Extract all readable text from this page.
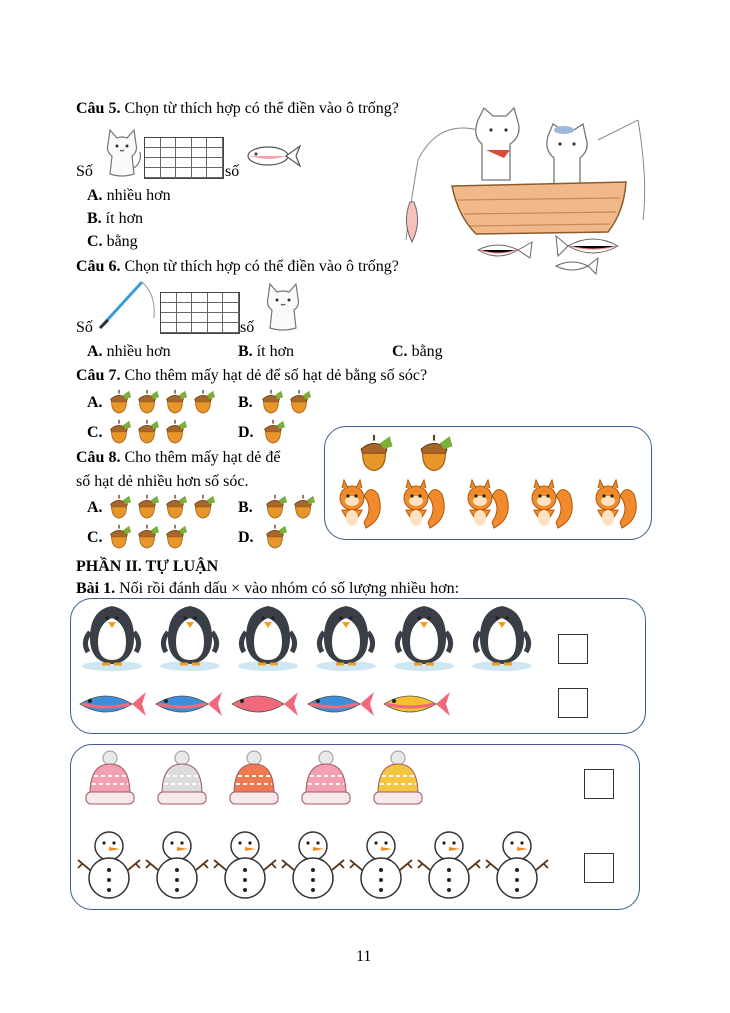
Câu 5. Chọn từ thích hợp có thể điền vào ô trống?
Số	số
A. nhiều hơn
B. ít hơn
C. bằng
Câu 6. Chọn từ thích hợp có thể điền vào ô trống?
Số	số
A. nhiều hơn	B. ít hơn	C. bằng
Câu 7. Cho thêm mấy hạt dẻ để số hạt dẻ bằng số sóc?
A.	B.
C.	D.
Câu 8. Cho thêm mấy hạt dẻ để
số hạt dẻ nhiều hơn số sóc.
A.	B.
C.	D.
PHẦN II. TỰ LUẬN
Bài 1. Nối rồi đánh dấu × vào nhóm có số lượng nhiều hơn:
11
